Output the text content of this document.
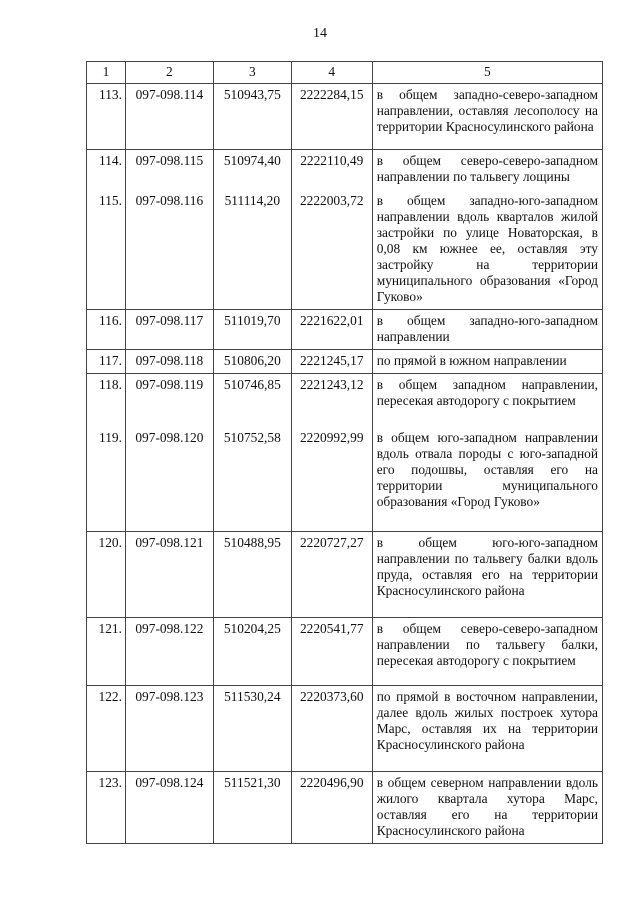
14
1	2	3	4	5
113.	097-098.114	510943,75	2222284,15	в общем западно-северо-западном направлении, оставляя лесополосу на территории Красносулинского района
114.	097-098.115	510974,40	2222110,49	в общем северо-северо-западном направлении по тальвегу лощины
115.	097-098.116	511114,20	2222003,72	в общем западно-юго-западном направлении вдоль кварталов жилой застройки по улице Новаторская, в 0,08 км южнее ее, оставляя эту застройку на территории муниципального образования «Город Гуково»
116.	097-098.117	511019,70	2221622,01	в общем западно-юго-западном направлении
117.	097-098.118	510806,20	2221245,17	по прямой в южном направлении
118.	097-098.119	510746,85	2221243,12	в общем западном направлении, пересекая автодорогу с покрытием
119.	097-098.120	510752,58	2220992,99	в общем юго-западном направлении вдоль отвала породы с юго-западной его подошвы, оставляя его на территории муниципального образования «Город Гуково»
120.	097-098.121	510488,95	2220727,27	в общем юго-юго-западном направлении по тальвегу балки вдоль пруда, оставляя его на территории Красносулинского района
121.	097-098.122	510204,25	2220541,77	в общем северо-северо-западном направлении по тальвегу балки, пересекая автодорогу с покрытием
122.	097-098.123	511530,24	2220373,60	по прямой в восточном направлении, далее вдоль жилых построек хутора Марс, оставляя их на территории Красносулинского района
123.	097-098.124	511521,30	2220496,90	в общем северном направлении вдоль жилого квартала хутора Марс, оставляя его на территории Красносулинского района
